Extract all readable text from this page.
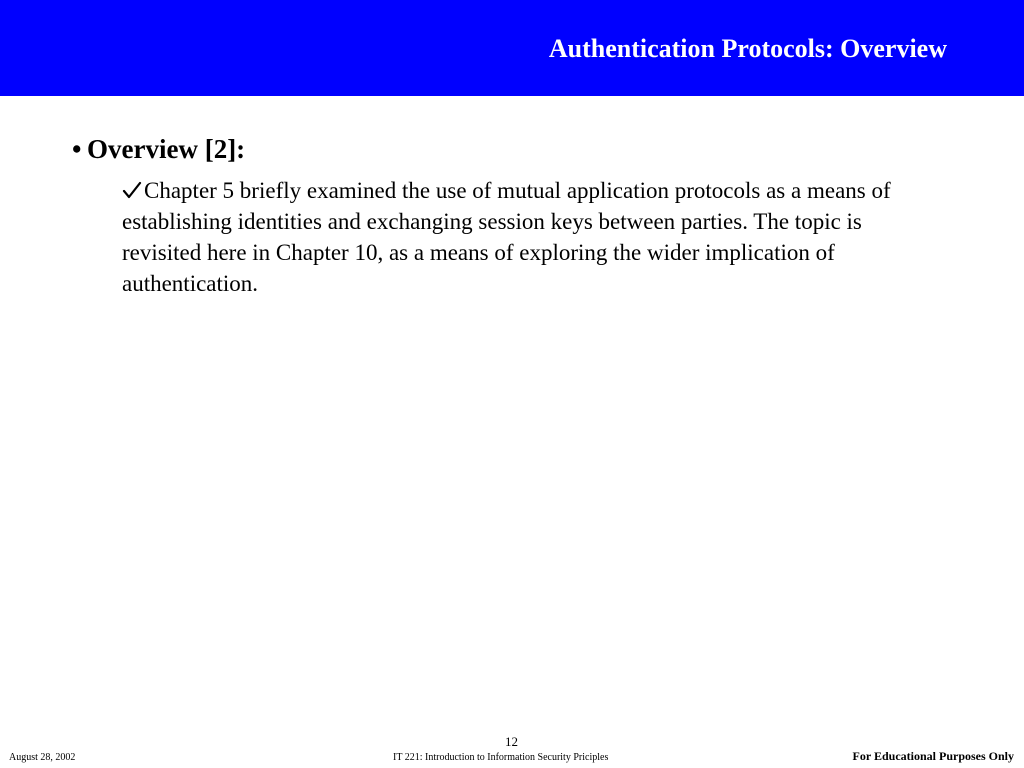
Authentication Protocols: Overview
• Overview [2]:
Chapter 5 briefly examined the use of mutual application protocols as a means of establishing identities and exchanging session keys between parties. The topic is revisited here in Chapter 10, as a means of exploring the wider implication of authentication.
August 28, 2002
12
IT 221: Introduction to Information Security Priciples	For Educational Purposes Only
